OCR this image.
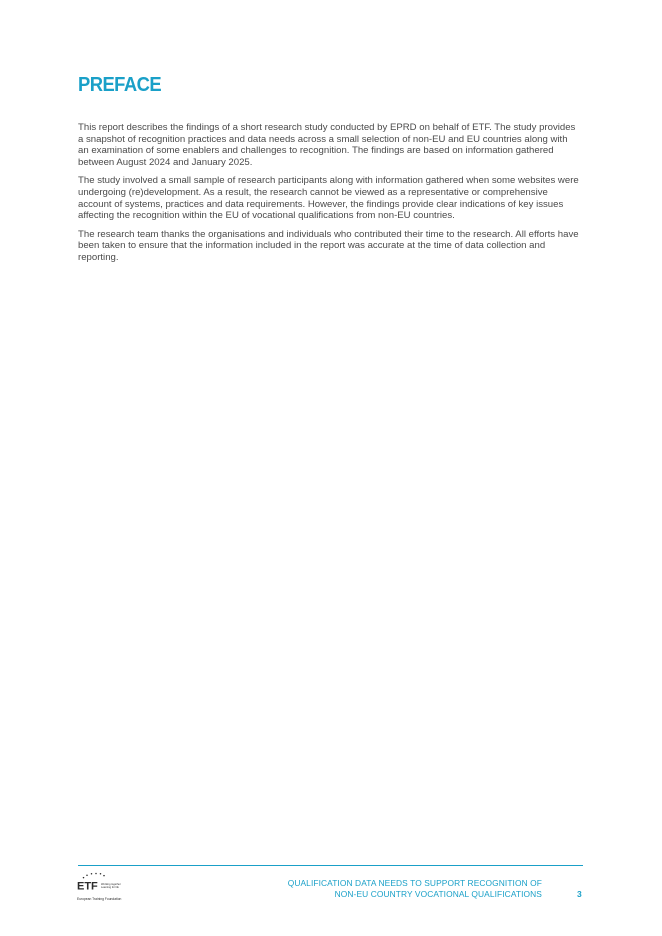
PREFACE

This report describes the findings of a short research study conducted by EPRD on behalf of ETF. The study provides a snapshot of recognition practices and data needs across a small selection of non-EU and EU countries along with an examination of some enablers and challenges to recognition. The findings are based on information gathered between August 2024 and January 2025.

The study involved a small sample of research participants along with information gathered when some websites were undergoing (re)development. As a result, the research cannot be viewed as a representative or comprehensive account of systems, practices and data requirements. However, the findings provide clear indications of key issues affecting the recognition within the EU of vocational qualifications from non-EU countries.

The research team thanks the organisations and individuals who contributed their time to the research. All efforts have been taken to ensure that the information included in the report was accurate at the time of data collection and reporting.

ETF Working together
Learning for life
European Training Foundation
QUALIFICATION DATA NEEDS TO SUPPORT RECOGNITION OF
NON-EU COUNTRY VOCATIONAL QUALIFICATIONS	3
